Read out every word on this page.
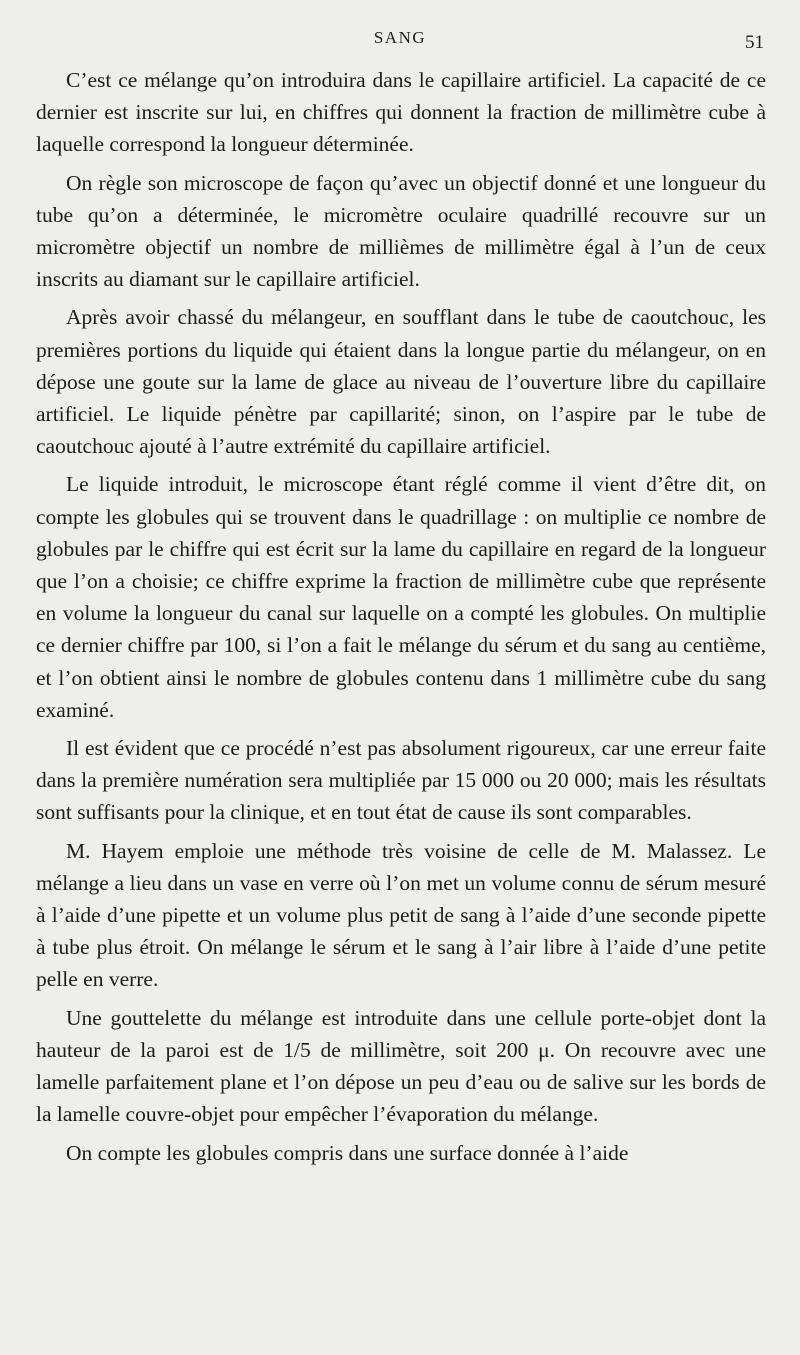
SANG	51

C’est ce mélange qu’on introduira dans le capillaire artificiel. La capacité de ce dernier est inscrite sur lui, en chiffres qui donnent la fraction de millimètre cube à laquelle correspond la longueur déterminée.

On règle son microscope de façon qu’avec un objectif donné et une longueur du tube qu’on a déterminée, le micromètre oculaire quadrillé recouvre sur un micromètre objectif un nombre de millièmes de millimètre égal à l’un de ceux inscrits au diamant sur le capillaire artificiel.

Après avoir chassé du mélangeur, en soufflant dans le tube de caoutchouc, les premières portions du liquide qui étaient dans la longue partie du mélangeur, on en dépose une goute sur la lame de glace au niveau de l’ouverture libre du capillaire artificiel. Le liquide pénètre par capillarité; sinon, on l’aspire par le tube de caoutchouc ajouté à l’autre extrémité du capillaire artificiel.

Le liquide introduit, le microscope étant réglé comme il vient d’être dit, on compte les globules qui se trouvent dans le quadrillage : on multiplie ce nombre de globules par le chiffre qui est écrit sur la lame du capillaire en regard de la longueur que l’on a choisie; ce chiffre exprime la fraction de millimètre cube que représente en volume la longueur du canal sur laquelle on a compté les globules. On multiplie ce dernier chiffre par 100, si l’on a fait le mélange du sérum et du sang au centième, et l’on obtient ainsi le nombre de globules contenu dans 1 millimètre cube du sang examiné.

Il est évident que ce procédé n’est pas absolument rigoureux, car une erreur faite dans la première numération sera multipliée par 15 000 ou 20 000; mais les résultats sont suffisants pour la clinique, et en tout état de cause ils sont comparables.

M. Hayem emploie une méthode très voisine de celle de M. Malassez. Le mélange a lieu dans un vase en verre où l’on met un volume connu de sérum mesuré à l’aide d’une pipette et un volume plus petit de sang à l’aide d’une seconde pipette à tube plus étroit. On mélange le sérum et le sang à l’air libre à l’aide d’une petite pelle en verre.

Une gouttelette du mélange est introduite dans une cellule porte-objet dont la hauteur de la paroi est de 1/5 de millimètre, soit 200 μ. On recouvre avec une lamelle parfaitement plane et l’on dépose un peu d’eau ou de salive sur les bords de la lamelle couvre-objet pour empêcher l’évaporation du mélange.

On compte les globules compris dans une surface donnée à l’aide
